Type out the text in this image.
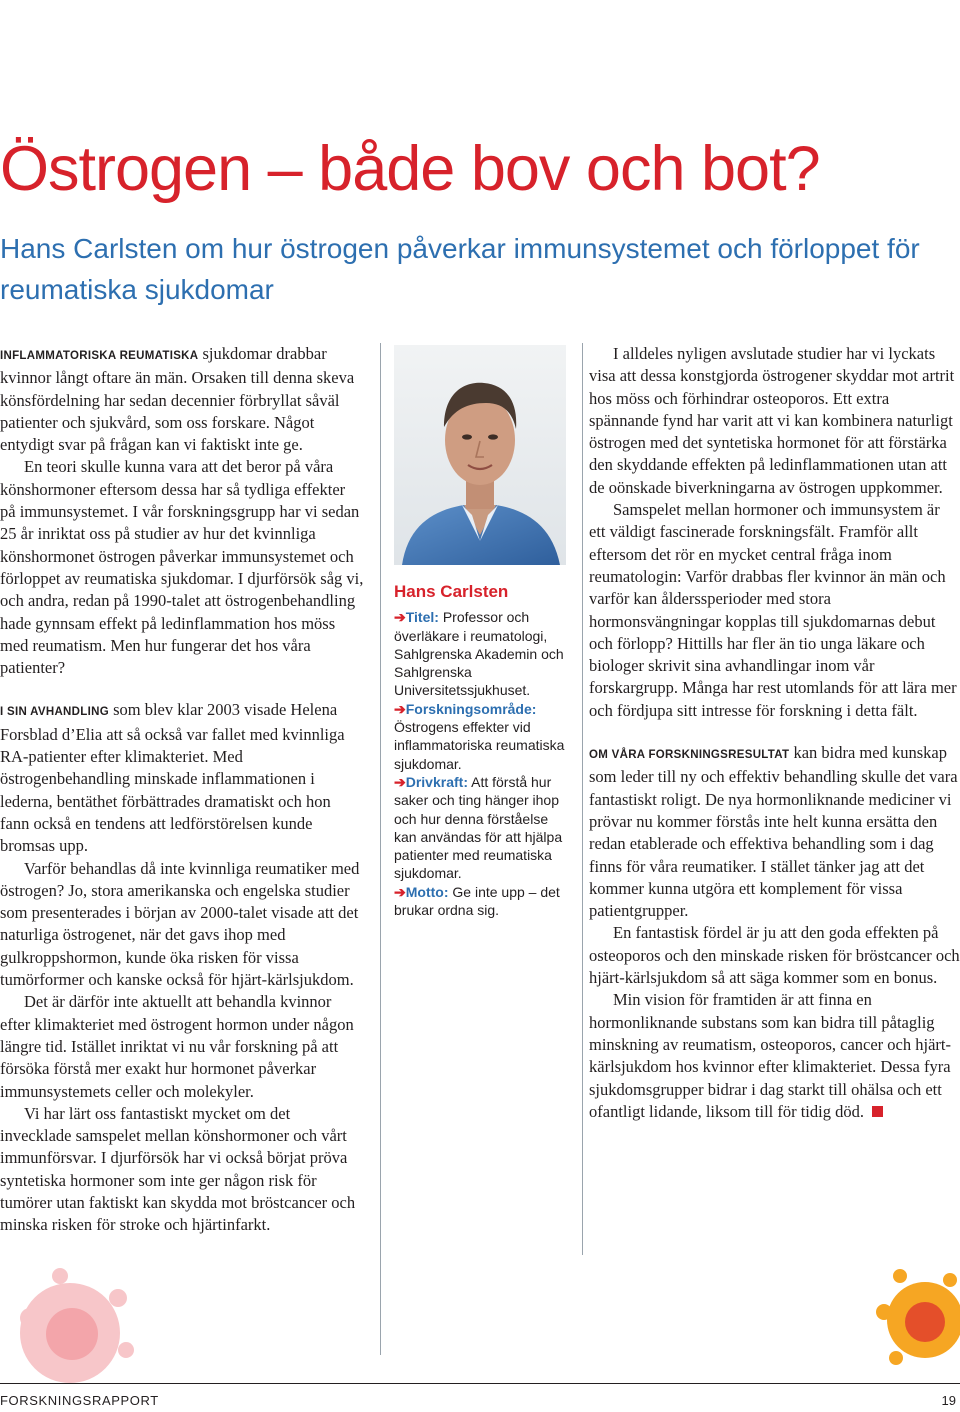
Östrogen – både bov och bot?
Hans Carlsten om hur östrogen påverkar immunsystemet och förloppet för reumatiska sjukdomar

INFLAMMATORISKA REUMATISKA sjukdomar drabbar kvinnor långt oftare än män. Orsaken till denna skeva könsfördelning har sedan decennier förbryllat såväl patienter och sjukvård, som oss forskare. Något entydigt svar på frågan kan vi faktiskt inte ge.

En teori skulle kunna vara att det beror på våra könshormoner eftersom dessa har så tydliga effekter på immunsystemet. I vår forskningsgrupp har vi sedan 25 år inriktat oss på studier av hur det kvinnliga könshormonet östrogen påverkar immunsystemet och förloppet av reumatiska sjukdomar. I djurförsök såg vi, och andra, redan på 1990-talet att östrogenbehandling hade gynnsam effekt på ledinflammation hos möss med reumatism. Men hur fungerar det hos våra patienter?

I SIN AVHANDLING som blev klar 2003 visade Helena Forsblad d’Elia att så också var fallet med kvinnliga RA-patienter efter klimakteriet. Med östrogenbehandling minskade inflammationen i lederna, bentäthet förbättrades dramatiskt och hon fann också en tendens att ledförstörelsen kunde bromsas upp.

Varför behandlas då inte kvinnliga reumatiker med östrogen? Jo, stora amerikanska och engelska studier som presenterades i början av 2000-talet visade att det naturliga östrogenet, när det gavs ihop med gulkroppshormon, kunde öka risken för vissa tumörformer och kanske också för hjärt-kärlsjukdom.

Det är därför inte aktuellt att behandla kvinnor efter klimakteriet med östrogent hormon under någon längre tid. Istället inriktat vi nu vår forskning på att försöka förstå mer exakt hur hormonet påverkar immunsystemets celler och molekyler.

Vi har lärt oss fantastiskt mycket om det invecklade samspelet mellan könshormoner och vårt immunförsvar. I djurförsök har vi också börjat pröva syntetiska hormoner som inte ger någon risk för tumörer utan faktiskt kan skydda mot bröstcancer och minska risken för stroke och hjärtinfarkt.

Hans Carlsten

➔Titel: Professor och överläkare i reumatologi, Sahlgrenska Akademin och Sahlgrenska Universitetssjukhuset.

➔Forskningsområde: Östrogens effekter vid inflammatoriska reumatiska sjukdomar.

➔Drivkraft: Att förstå hur saker och ting hänger ihop och hur denna förståelse kan användas för att hjälpa patienter med reumatiska sjukdomar.

➔Motto: Ge inte upp – det brukar ordna sig.

I alldeles nyligen avslutade studier har vi lyckats visa att dessa konstgjorda östrogener skyddar mot artrit hos möss och förhindrar osteoporos. Ett extra spännande fynd har varit att vi kan kombinera naturligt östrogen med det syntetiska hormonet för att förstärka den skyddande effekten på ledinflammationen utan att de oönskade biverkningarna av östrogen uppkommer.

Samspelet mellan hormoner och immunsystem är ett väldigt fascinerade forskningsfält. Framför allt eftersom det rör en mycket central fråga inom reumatologin: Varför drabbas fler kvinnor än män och varför kan ålderssperioder med stora hormonsvängningar kopplas till sjukdomarnas debut och förlopp? Hittills har fler än tio unga läkare och biologer skrivit sina avhandlingar inom vår forskargrupp. Många har rest utomlands för att lära mer och fördjupa sitt intresse för forskning i detta fält.

OM VÅRA FORSKNINGSRESULTAT kan bidra med kunskap som leder till ny och effektiv behandling skulle det vara fantastiskt roligt. De nya hormonliknande mediciner vi prövar nu kommer förstås inte helt kunna ersätta den redan etablerade och effektiva behandling som i dag finns för våra reumatiker. I stället tänker jag att det kommer kunna utgöra ett komplement för vissa patientgrupper.

En fantastisk fördel är ju att den goda effekten på osteoporos och den minskade risken för bröstcancer och hjärt-kärlsjukdom så att säga kommer som en bonus.

Min vision för framtiden är att finna en hormonliknande substans som kan bidra till påtaglig minskning av reumatism, osteoporos, cancer och hjärt-kärlsjukdom hos kvinnor efter klimakteriet. Dessa fyra sjukdomsgrupper bidrar i dag starkt till ohälsa och ett ofantligt lidande, liksom till för tidig död.

FORSKNINGSRAPPORT	19
